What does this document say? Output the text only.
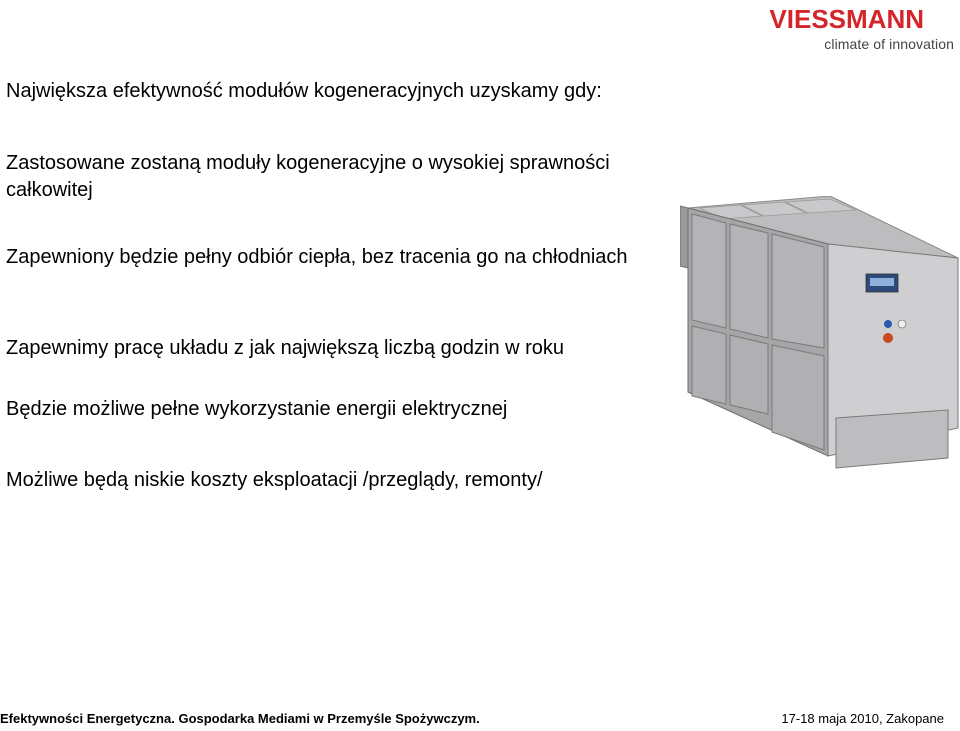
VIESSMANN
climate of innovation
Największa efektywność modułów kogeneracyjnych uzyskamy gdy:
Zastosowane zostaną moduły kogeneracyjne o wysokiej sprawności całkowitej
Zapewniony będzie pełny odbiór ciepła, bez tracenia go na chłodniach
Zapewnimy pracę układu z jak największą liczbą godzin w roku
Będzie możliwe pełne wykorzystanie energii elektrycznej
Możliwe będą niskie koszty eksploatacji /przeglądy, remonty/
Efektywności Energetyczna. Gospodarka Mediami w Przemyśle Spożywczym.	17-18 maja 2010, Zakopane
